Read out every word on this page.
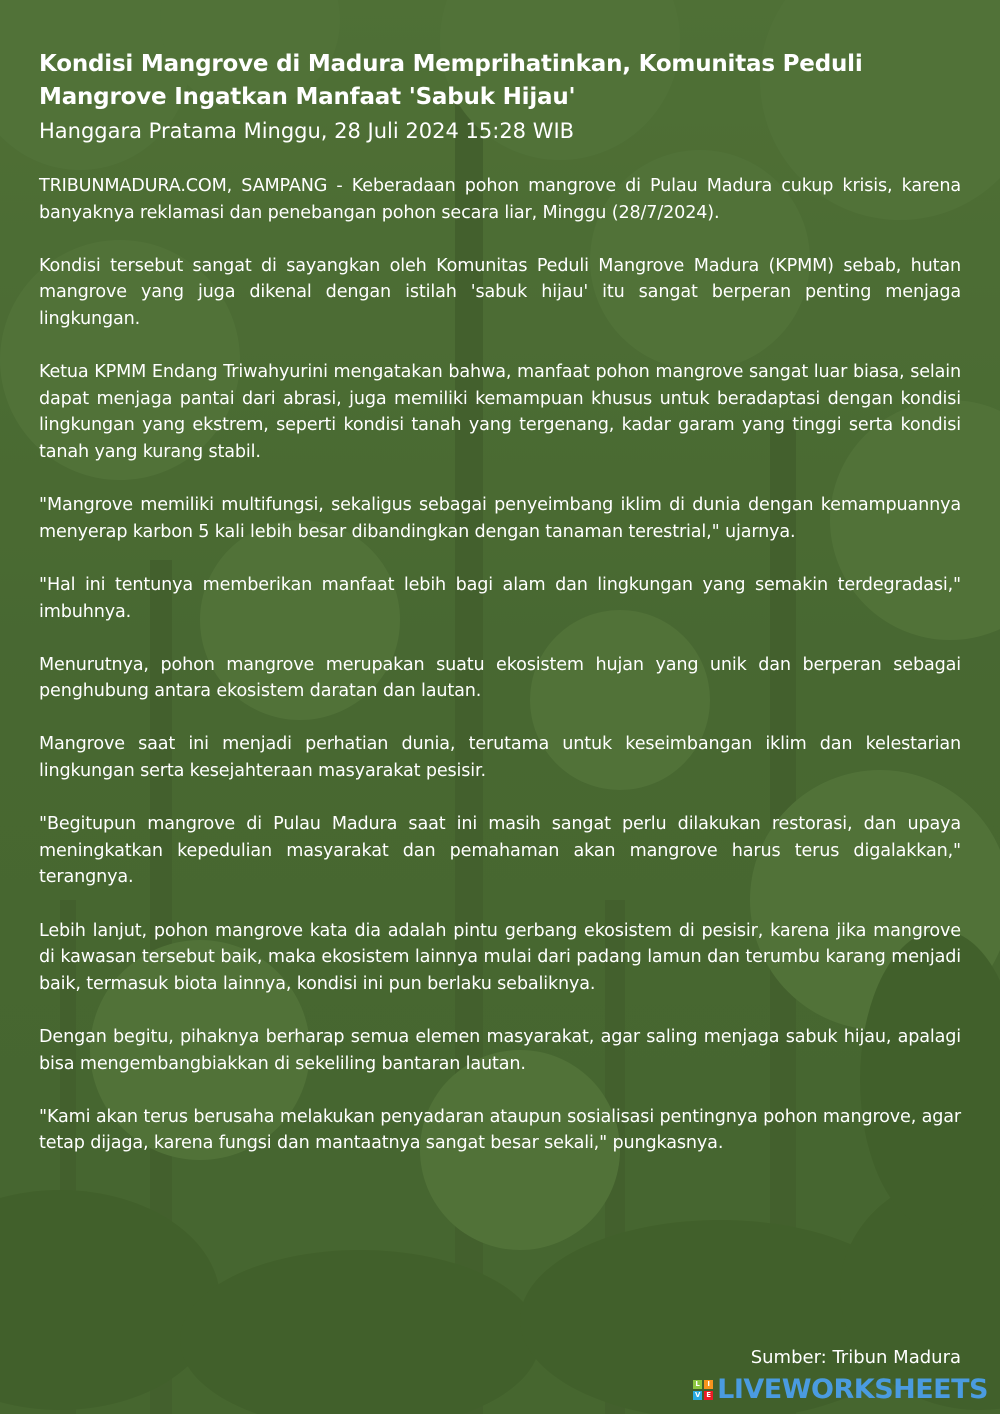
Kondisi Mangrove di Madura Memprihatinkan, Komunitas Peduli Mangrove Ingatkan Manfaat 'Sabuk Hijau'

Hanggara Pratama Minggu, 28 Juli 2024 15:28 WIB

TRIBUNMADURA.COM, SAMPANG - Keberadaan pohon mangrove di Pulau Madura cukup krisis, karena banyaknya reklamasi dan penebangan pohon secara liar, Minggu (28/7/2024).

Kondisi tersebut sangat di sayangkan oleh Komunitas Peduli Mangrove Madura (KPMM) sebab, hutan mangrove yang juga dikenal dengan istilah 'sabuk hijau' itu sangat berperan penting menjaga lingkungan.

Ketua KPMM Endang Triwahyurini mengatakan bahwa, manfaat pohon mangrove sangat luar biasa, selain dapat menjaga pantai dari abrasi, juga memiliki kemampuan khusus untuk beradaptasi dengan kondisi lingkungan yang ekstrem, seperti kondisi tanah yang tergenang, kadar garam yang tinggi serta kondisi tanah yang kurang stabil.

"Mangrove memiliki multifungsi, sekaligus sebagai penyeimbang iklim di dunia dengan kemampuannya menyerap karbon 5 kali lebih besar dibandingkan dengan tanaman terestrial," ujarnya.

"Hal ini tentunya memberikan manfaat lebih bagi alam dan lingkungan yang semakin terdegradasi," imbuhnya.

Menurutnya, pohon mangrove merupakan suatu ekosistem hujan yang unik dan berperan sebagai penghubung antara ekosistem daratan dan lautan.

Mangrove saat ini menjadi perhatian dunia, terutama untuk keseimbangan iklim dan kelestarian lingkungan serta kesejahteraan masyarakat pesisir.

"Begitupun mangrove di Pulau Madura saat ini masih sangat perlu dilakukan restorasi, dan upaya meningkatkan kepedulian masyarakat dan pemahaman akan mangrove harus terus digalakkan," terangnya.

Lebih lanjut, pohon mangrove kata dia adalah pintu gerbang ekosistem di pesisir, karena jika mangrove di kawasan tersebut baik, maka ekosistem lainnya mulai dari padang lamun dan terumbu karang menjadi baik, termasuk biota lainnya, kondisi ini pun berlaku sebaliknya.

Dengan begitu, pihaknya berharap semua elemen masyarakat, agar saling menjaga sabuk hijau, apalagi bisa mengembangbiakkan di sekeliling bantaran lautan.

"Kami akan terus berusaha melakukan penyadaran ataupun sosialisasi pentingnya pohon mangrove, agar tetap dijaga, karena fungsi dan mantaatnya sangat besar sekali," pungkasnya.

Sumber: Tribun Madura
L	I
V E LIVEWORKSHEETS
